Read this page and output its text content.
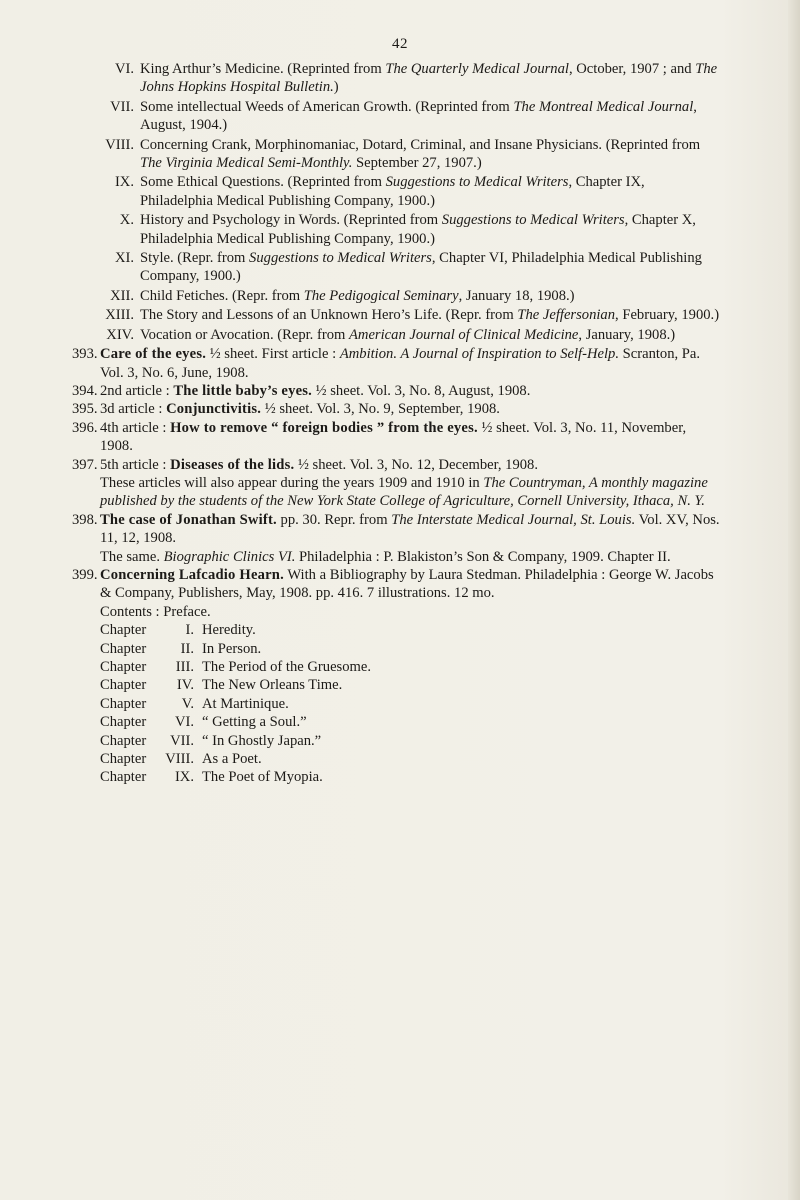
42
VI. King Arthur’s Medicine. (Reprinted from The Quarterly Medical Journal, October, 1907 ; and The Johns Hopkins Hospital Bulletin.)
VII. Some intellectual Weeds of American Growth. (Reprinted from The Montreal Medical Journal, August, 1904.)
VIII. Concerning Crank, Morphinomaniac, Dotard, Criminal, and Insane Physicians. (Reprinted from The Virginia Medical Semi-Monthly. September 27, 1907.)
IX. Some Ethical Questions. (Reprinted from Suggestions to Medical Writers, Chapter IX, Philadelphia Medical Publishing Company, 1900.)
X. History and Psychology in Words. (Reprinted from Suggestions to Medical Writers, Chapter X, Philadelphia Medical Publishing Company, 1900.)
XI. Style. (Repr. from Suggestions to Medical Writers, Chapter VI, Philadelphia Medical Publishing Company, 1900.)
XII. Child Fetiches. (Repr. from The Pedigogical Seminary, January 18, 1908.)
XIII. The Story and Lessons of an Unknown Hero’s Life. (Repr. from The Jeffersonian, February, 1900.)
XIV. Vocation or Avocation. (Repr. from American Journal of Clinical Medicine, January, 1908.)
393. Care of the eyes. ½ sheet. First article : Ambition. A Journal of Inspiration to Self-Help. Scranton, Pa. Vol. 3, No. 6, June, 1908.
394. 2nd article : The little baby’s eyes. ½ sheet. Vol. 3, No. 8, August, 1908.
395. 3d article : Conjunctivitis. ½ sheet. Vol. 3, No. 9, September, 1908.
396. 4th article : How to remove “ foreign bodies ” from the eyes. ½ sheet. Vol. 3, No. 11, November, 1908.
397. 5th article : Diseases of the lids. ½ sheet. Vol. 3, No. 12, December, 1908.
These articles will also appear during the years 1909 and 1910 in The Countryman, A monthly magazine published by the students of the New York State College of Agriculture, Cornell University, Ithaca, N. Y.
398. The case of Jonathan Swift. pp. 30. Repr. from The Interstate Medical Journal, St. Louis. Vol. XV, Nos. 11, 12, 1908.
The same. Biographic Clinics VI. Philadelphia : P. Blakiston’s Son & Company, 1909. Chapter II.
399. Concerning Lafcadio Hearn. With a Bibliography by Laura Stedman. Philadelphia : George W. Jacobs & Company, Publishers, May, 1908. pp. 416. 7 illustrations. 12 mo.
Contents : Preface.
Chapter	I. Heredity.
Chapter	II. In Person.
Chapter	III. The Period of the Gruesome.
Chapter	IV. The New Orleans Time.
Chapter	V. At Martinique.
Chapter	VI. “ Getting a Soul.”
Chapter	VII. “ In Ghostly Japan.”
Chapter	VIII. As a Poet.
Chapter	IX. The Poet of Myopia.
